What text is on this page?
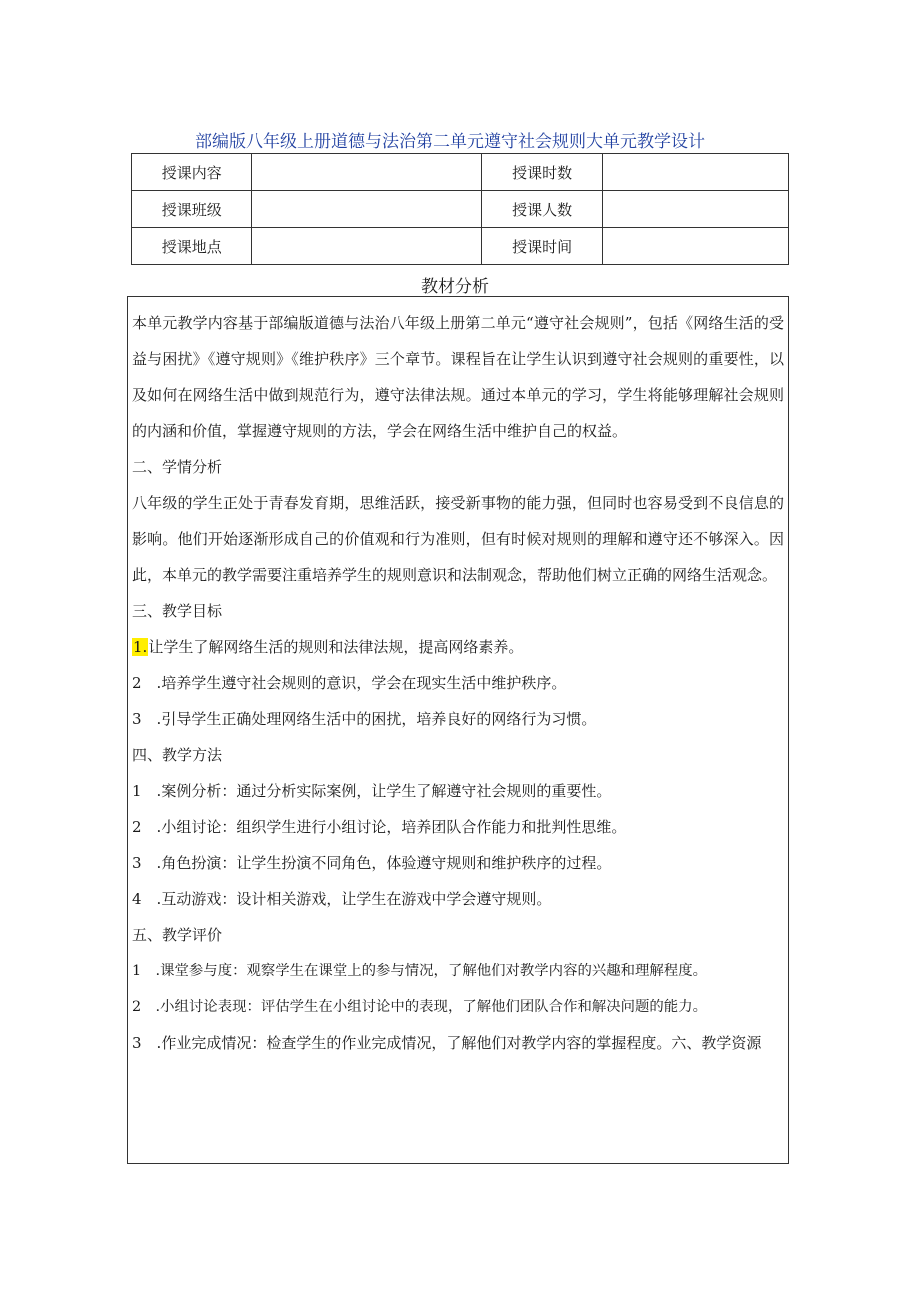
部编版八年级上册道德与法治第二单元遵守社会规则大单元教学设计
授课内容		授课时数	
授课班级		授课人数	
授课地点		授课时间	
教材分析

本单元教学内容基于部编版道德与法治八年级上册第二单元“遵守社会规则”，包括《网络生活的受益与困扰》《遵守规则》《维护秩序》三个章节。课程旨在让学生认识到遵守社会规则的重要性，以及如何在网络生活中做到规范行为，遵守法律法规。通过本单元的学习，学生将能够理解社会规则的内涵和价值，掌握遵守规则的方法，学会在网络生活中维护自己的权益。

二、学情分析

八年级的学生正处于青春发育期，思维活跃，接受新事物的能力强，但同时也容易受到不良信息的影响。他们开始逐渐形成自己的价值观和行为准则，但有时候对规则的理解和遵守还不够深入。因此，本单元的教学需要注重培养学生的规则意识和法制观念，帮助他们树立正确的网络生活观念。

三、教学目标

1.让学生了解网络生活的规则和法律法规，提高网络素养。

2　.培养学生遵守社会规则的意识，学会在现实生活中维护秩序。

3　.引导学生正确处理网络生活中的困扰，培养良好的网络行为习惯。

四、教学方法

1　.案例分析：通过分析实际案例，让学生了解遵守社会规则的重要性。

2　.小组讨论：组织学生进行小组讨论，培养团队合作能力和批判性思维。

3　.角色扮演：让学生扮演不同角色，体验遵守规则和维护秩序的过程。

4　.互动游戏：设计相关游戏，让学生在游戏中学会遵守规则。

五、教学评价

1　.课堂参与度：观察学生在课堂上的参与情况，了解他们对教学内容的兴趣和理解程度。

2　.小组讨论表现：评估学生在小组讨论中的表现，了解他们团队合作和解决问题的能力。

3　.作业完成情况：检查学生的作业完成情况，了解他们对教学内容的掌握程度。六、教学资源
